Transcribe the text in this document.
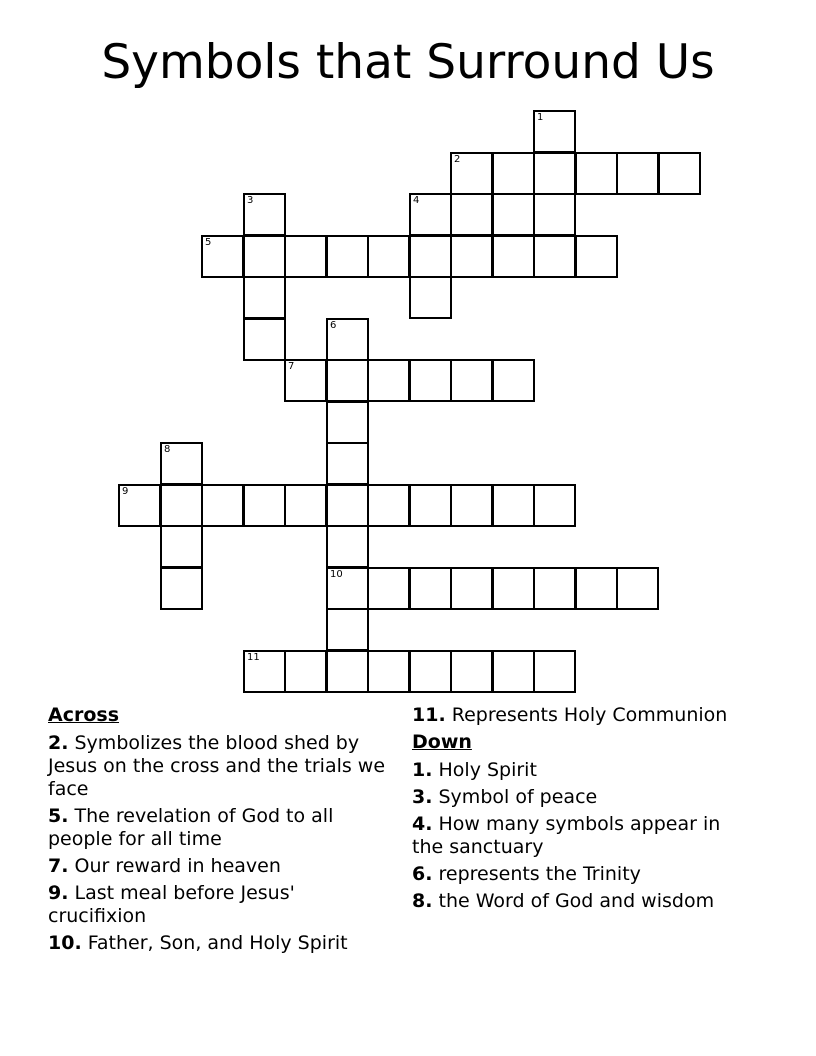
Symbols that Surround Us
1
2
3	4
5
6
7
8
9
10
11
Across
2. Symbolizes the blood shed by Jesus on the cross and the trials we face
5. The revelation of God to all people for all time
7. Our reward in heaven
9. Last meal before Jesus' crucifixion
10. Father, Son, and Holy Spirit
11. Represents Holy Communion
Down
1. Holy Spirit
3. Symbol of peace
4. How many symbols appear in the sanctuary
6. represents the Trinity
8. the Word of God and wisdom
